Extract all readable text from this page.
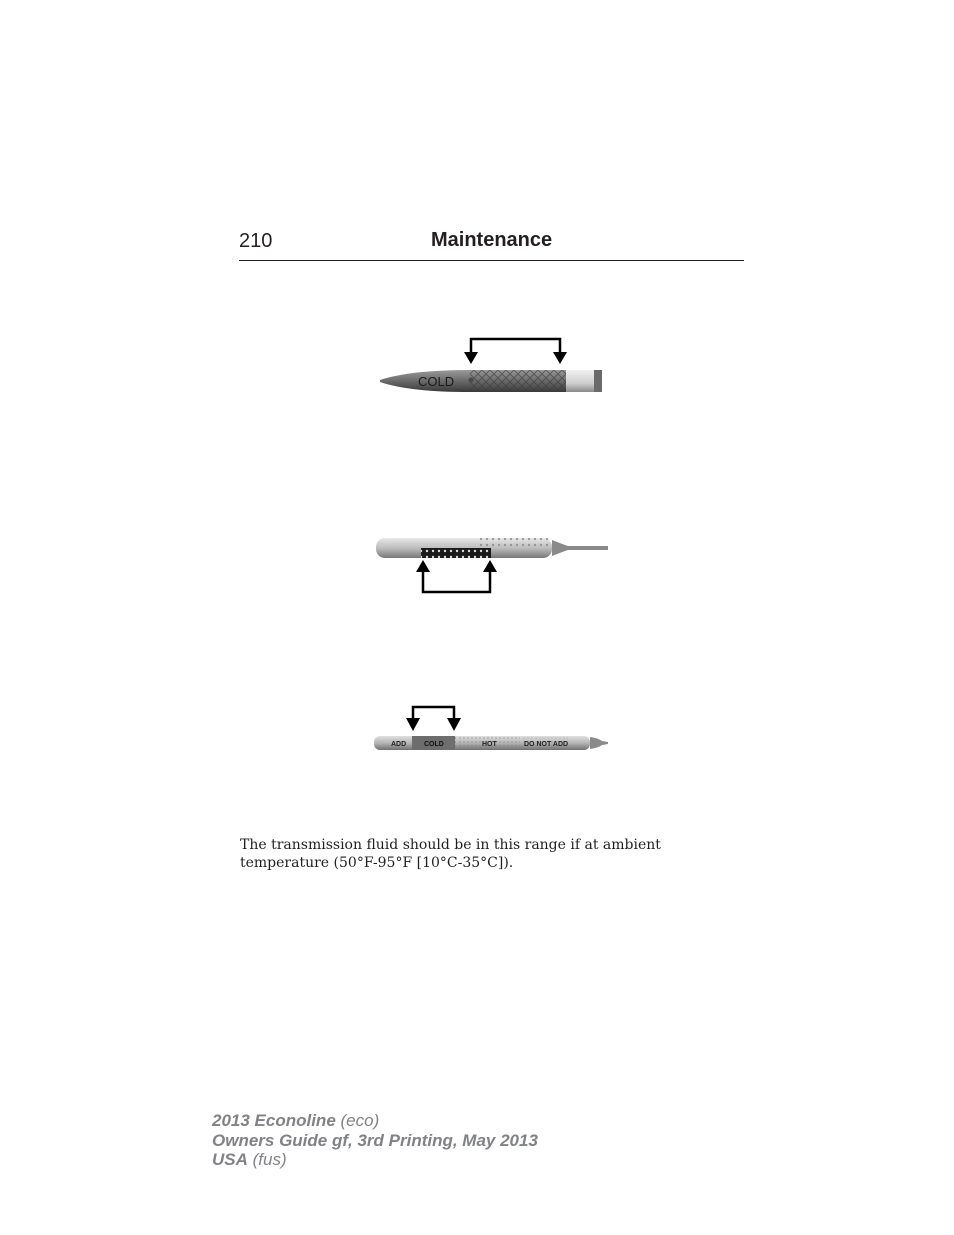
210	Maintenance
COLD
ADD	COLD	HOT	DO NOT ADD

The transmission fluid should be in this range if at ambient temperature (50°F-95°F [10°C-35°C]).

2013 Econoline (eco)
Owners Guide gf, 3rd Printing, May 2013
USA (fus)
